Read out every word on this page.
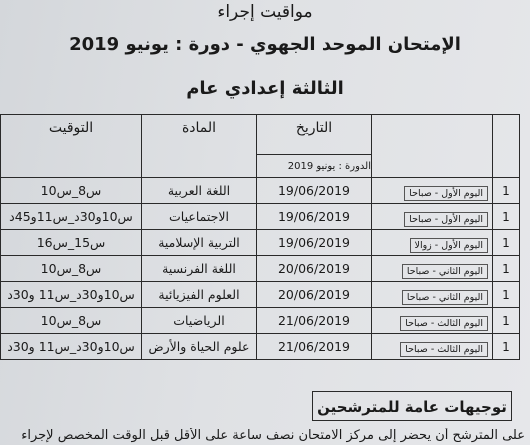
مواقيت إجراء
الإمتحان الموحد الجهوي - دورة : يونيو 2019
الثالثة إعدادي عام
		التاريخ	المادة	التوقيت
		الدورة : يونيو 2019		
1	اليوم الأول - صباحا	19/06/2019	اللغة العربية	س8_س10
1	اليوم الأول - صباحا	19/06/2019	الاجتماعيات	س10و30د_س11و45د
1	اليوم الأول - زوالا	19/06/2019	التربية الإسلامية	س15_س16
1	اليوم الثاني - صباحا	20/06/2019	اللغة الفرنسية	س8_س10
1	اليوم الثاني - صباحا	20/06/2019	العلوم الفيزيائية	س10و30د_س11 و30د
1	اليوم الثالث - صباحا	21/06/2019	الرياضيات	س8_س10
1	اليوم الثالث - صباحا	21/06/2019	علوم الحياة والأرض	س10و30د_س11 و30د
توجيهات عامة للمترشحين
على المترشح أن يحضر إلى مركز الامتحان نصف ساعة على الأقل قبل الوقت المخصص لإجراء
